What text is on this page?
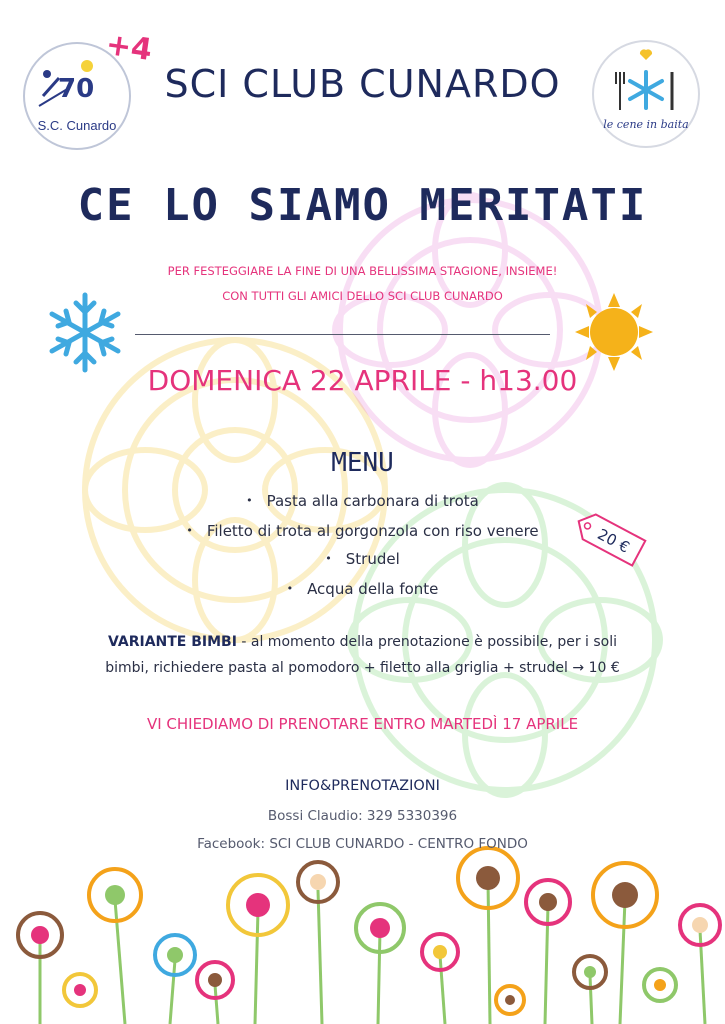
70
S.C. Cunardo
+4
SCI CLUB CUNARDO
le cene in baita
CE LO SIAMO MERITATI
PER FESTEGGIARE LA FINE DI UNA BELLISSIMA STAGIONE, INSIEME!
CON TUTTI GLI AMICI DELLO SCI CLUB CUNARDO
DOMENICA 22 APRILE - h13.00
MENU
• Pasta alla carbonara di trota
• Filetto di trota al gorgonzola con riso venere
• Strudel
• Acqua della fonte
20 €
VARIANTE BIMBI - al momento della prenotazione è possibile, per i soli
bimbi, richiedere pasta al pomodoro + filetto alla griglia + strudel → 10 €
VI CHIEDIAMO DI PRENOTARE ENTRO MARTEDÌ 17 APRILE
INFO&PRENOTAZIONI
Bossi Claudio: 329 5330396
Facebook: SCI CLUB CUNARDO - CENTRO FONDO
